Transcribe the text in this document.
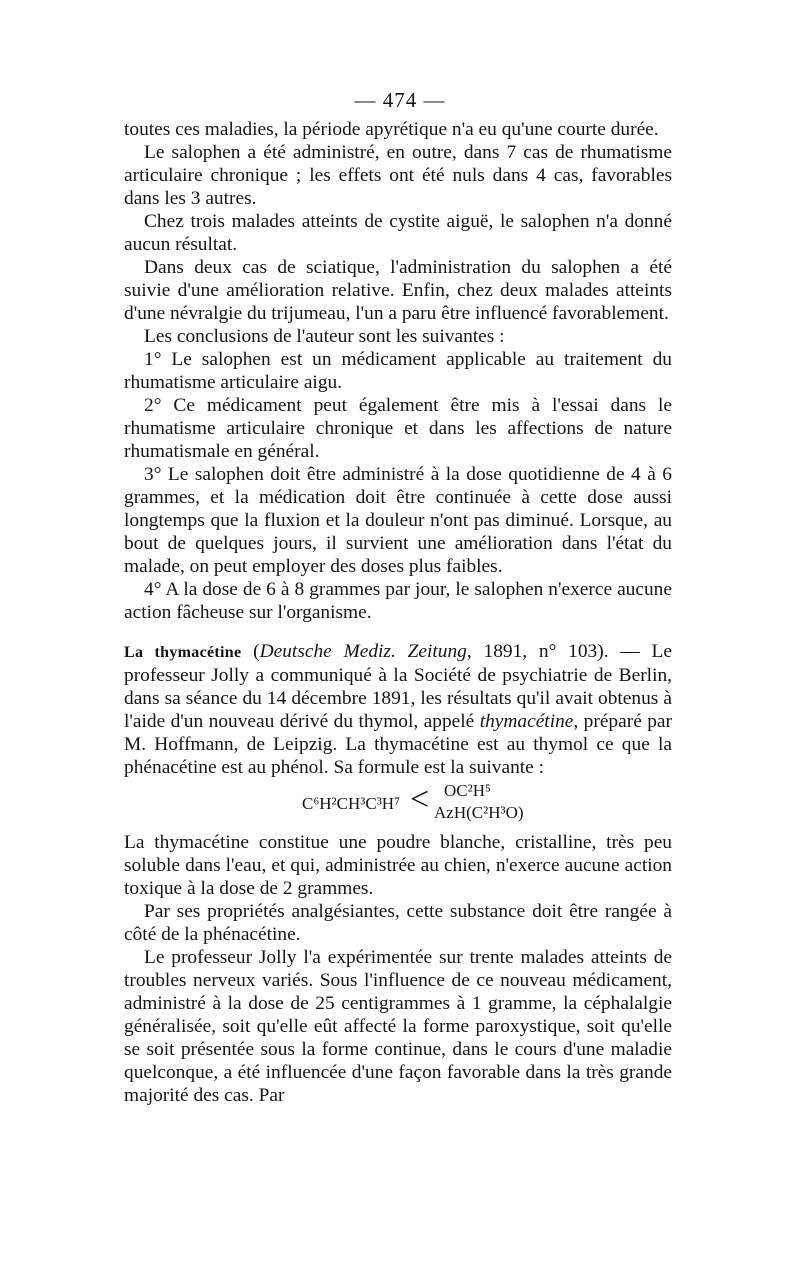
— 474 —

toutes ces maladies, la période apyrétique n'a eu qu'une courte durée.

Le salophen a été administré, en outre, dans 7 cas de rhumatisme articulaire chronique ; les effets ont été nuls dans 4 cas, favorables dans les 3 autres.

Chez trois malades atteints de cystite aiguë, le salophen n'a donné aucun résultat.

Dans deux cas de sciatique, l'administration du salophen a été suivie d'une amélioration relative. Enfin, chez deux malades atteints d'une névralgie du trijumeau, l'un a paru être influencé favorablement.

Les conclusions de l'auteur sont les suivantes :

1° Le salophen est un médicament applicable au traitement du rhumatisme articulaire aigu.

2° Ce médicament peut également être mis à l'essai dans le rhumatisme articulaire chronique et dans les affections de nature rhumatismale en général.

3° Le salophen doit être administré à la dose quotidienne de 4 à 6 grammes, et la médication doit être continuée à cette dose aussi longtemps que la fluxion et la douleur n'ont pas diminué. Lorsque, au bout de quelques jours, il survient une amélioration dans l'état du malade, on peut employer des doses plus faibles.

4° A la dose de 6 à 8 grammes par jour, le salophen n'exerce aucune action fâcheuse sur l'organisme.

La thymacétine (Deutsche Mediz. Zeitung, 1891, n° 103). — Le professeur Jolly a communiqué à la Société de psychiatrie de Berlin, dans sa séance du 14 décembre 1891, les résultats qu'il avait obtenus à l'aide d'un nouveau dérivé du thymol, appelé thymacétine, préparé par M. Hoffmann, de Leipzig. La thymacétine est au thymol ce que la phénacétine est au phénol. Sa formule est la suivante :

C⁶H²CH³C³H⁷ < OC²H⁵
AzH(C²H³O)

La thymacétine constitue une poudre blanche, cristalline, très peu soluble dans l'eau, et qui, administrée au chien, n'exerce aucune action toxique à la dose de 2 grammes.

Par ses propriétés analgésiantes, cette substance doit être rangée à côté de la phénacétine.

Le professeur Jolly l'a expérimentée sur trente malades atteints de troubles nerveux variés. Sous l'influence de ce nouveau médicament, administré à la dose de 25 centigrammes à 1 gramme, la céphalalgie généralisée, soit qu'elle eût affecté la forme paroxystique, soit qu'elle se soit présentée sous la forme continue, dans le cours d'une maladie quelconque, a été influencée d'une façon favorable dans la très grande majorité des cas. Par
